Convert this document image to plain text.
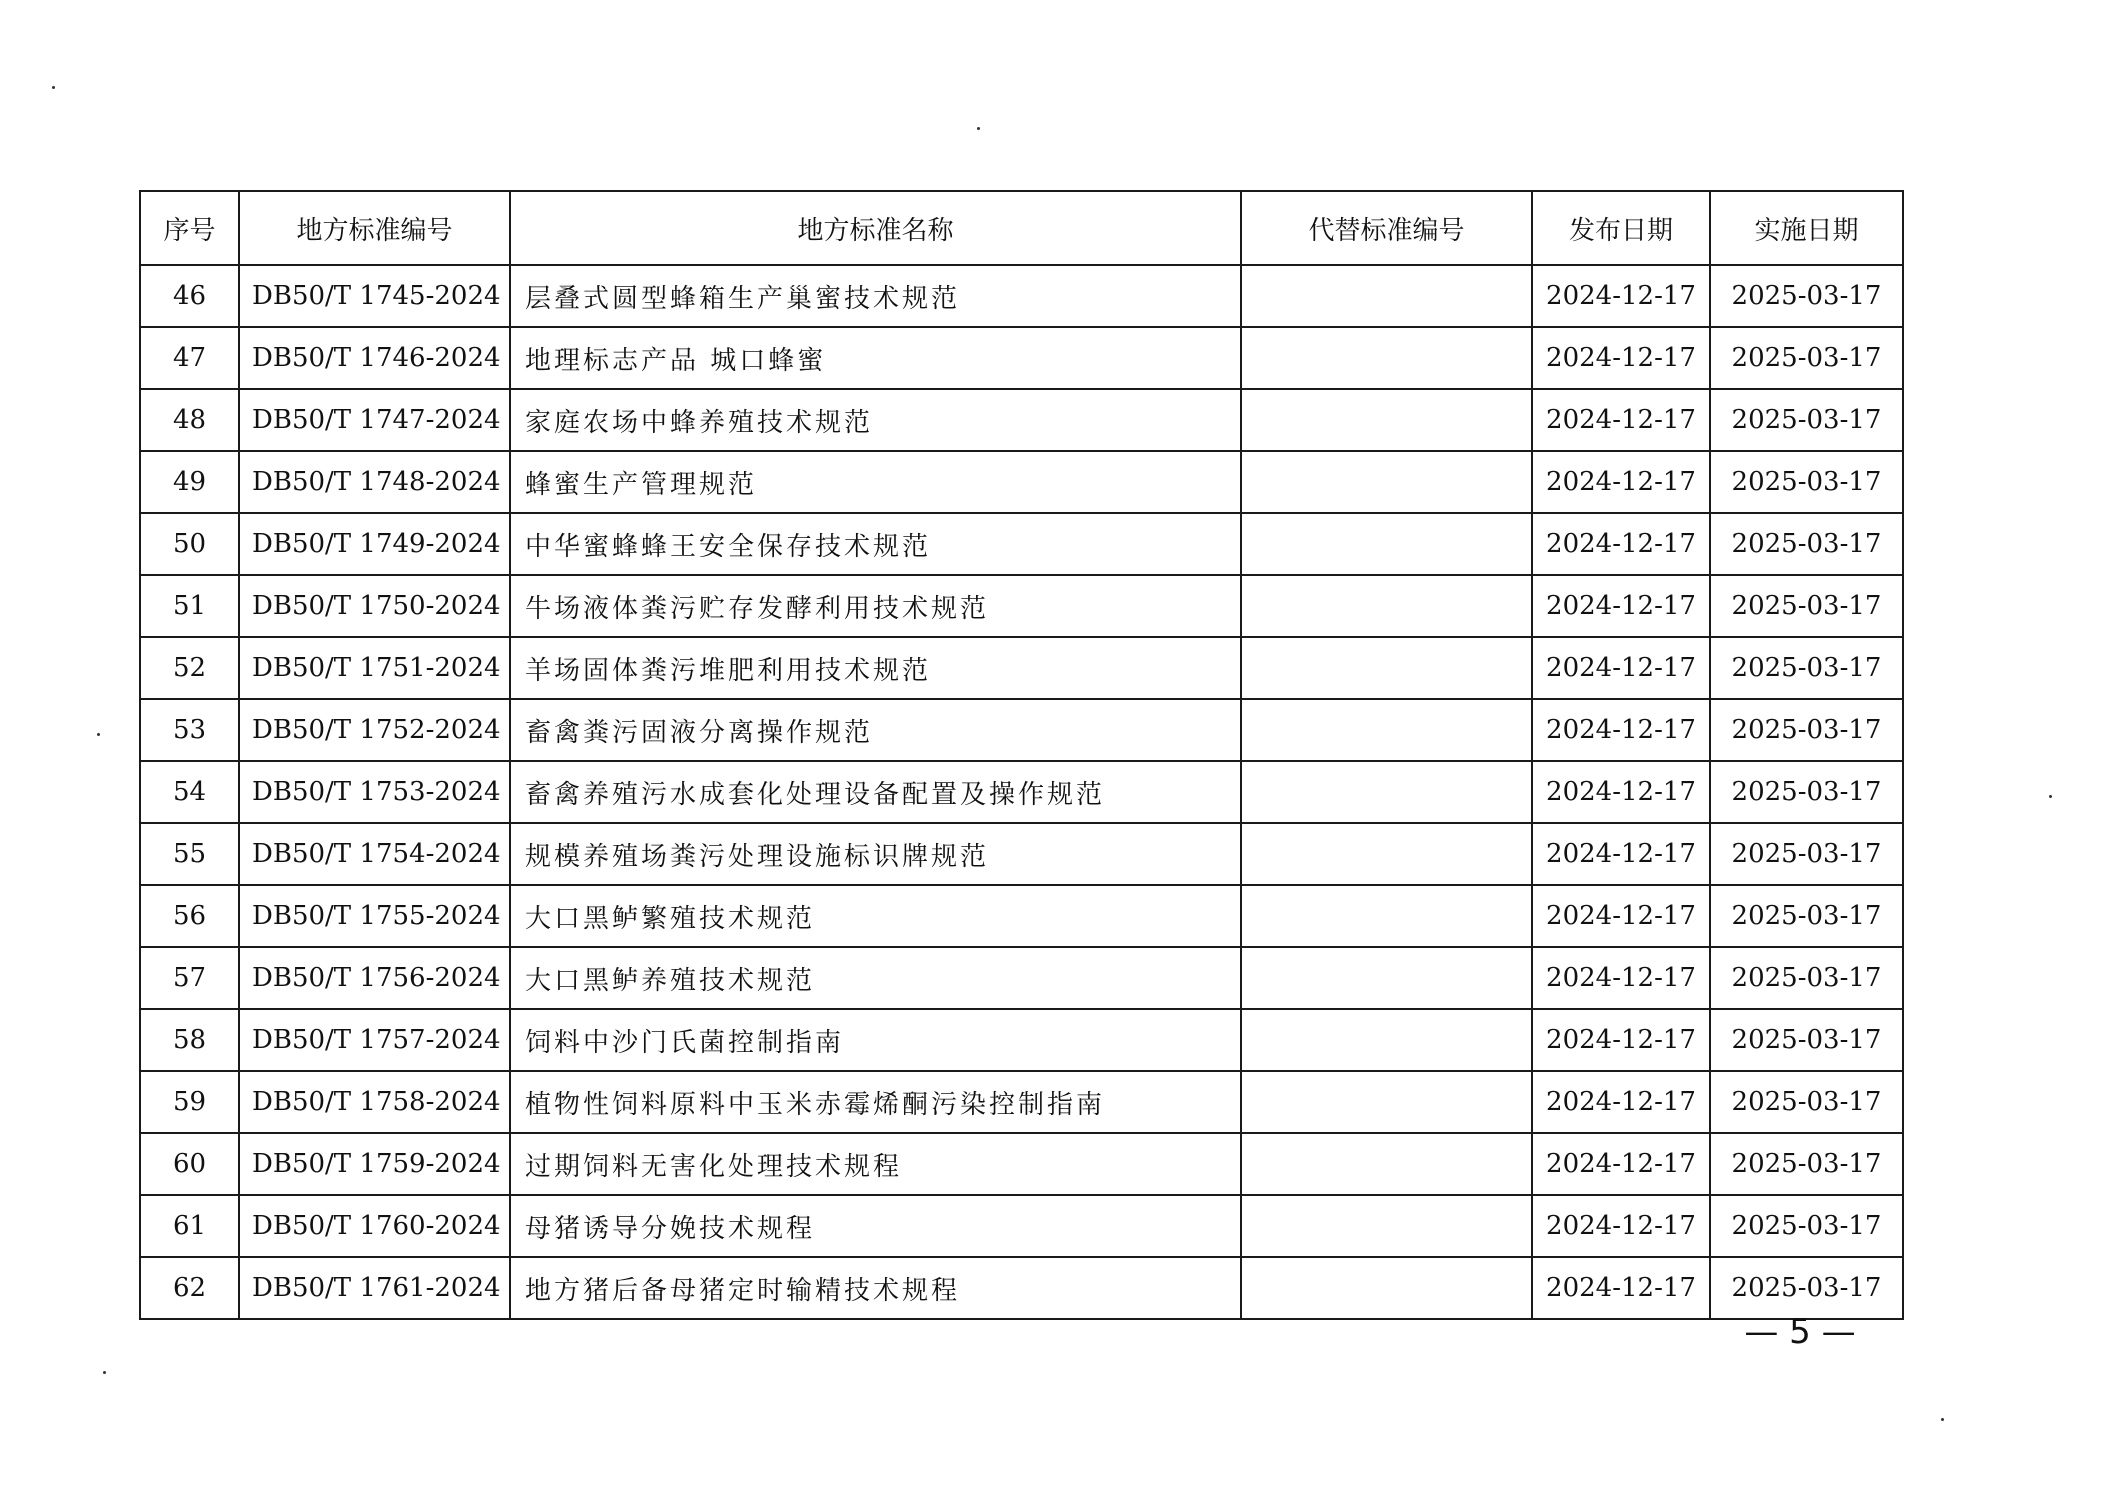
序号	地方标准编号	地方标准名称	代替标准编号	发布日期	实施日期
46	DB50/T 1745-2024	层叠式圆型蜂箱生产巢蜜技术规范		2024-12-17	2025-03-17
47	DB50/T 1746-2024	地理标志产品 城口蜂蜜		2024-12-17	2025-03-17
48	DB50/T 1747-2024	家庭农场中蜂养殖技术规范		2024-12-17	2025-03-17
49	DB50/T 1748-2024	蜂蜜生产管理规范		2024-12-17	2025-03-17
50	DB50/T 1749-2024	中华蜜蜂蜂王安全保存技术规范		2024-12-17	2025-03-17
51	DB50/T 1750-2024	牛场液体粪污贮存发酵利用技术规范		2024-12-17	2025-03-17
52	DB50/T 1751-2024	羊场固体粪污堆肥利用技术规范		2024-12-17	2025-03-17
53	DB50/T 1752-2024	畜禽粪污固液分离操作规范		2024-12-17	2025-03-17
54	DB50/T 1753-2024	畜禽养殖污水成套化处理设备配置及操作规范		2024-12-17	2025-03-17
55	DB50/T 1754-2024	规模养殖场粪污处理设施标识牌规范		2024-12-17	2025-03-17
56	DB50/T 1755-2024	大口黑鲈繁殖技术规范		2024-12-17	2025-03-17
57	DB50/T 1756-2024	大口黑鲈养殖技术规范		2024-12-17	2025-03-17
58	DB50/T 1757-2024	饲料中沙门氏菌控制指南		2024-12-17	2025-03-17
59	DB50/T 1758-2024	植物性饲料原料中玉米赤霉烯酮污染控制指南		2024-12-17	2025-03-17
60	DB50/T 1759-2024	过期饲料无害化处理技术规程		2024-12-17	2025-03-17
61	DB50/T 1760-2024	母猪诱导分娩技术规程		2024-12-17	2025-03-17
62	DB50/T 1761-2024	地方猪后备母猪定时输精技术规程		2024-12-17	2025-03-17
— 5 —
